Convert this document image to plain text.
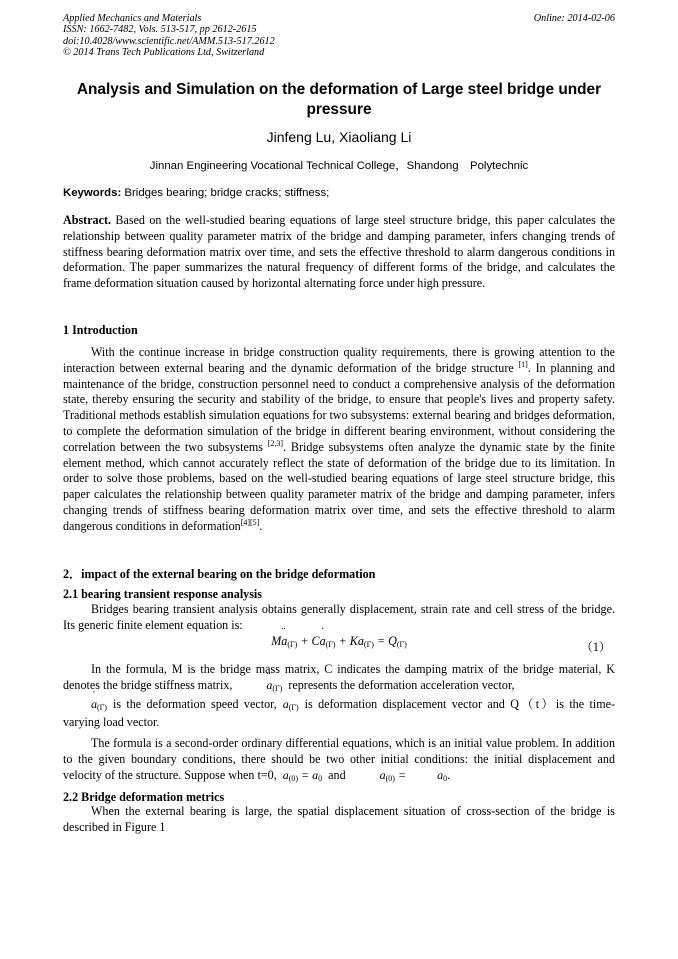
Applied Mechanics and Materials
ISSN: 1662-7482, Vols. 513-517, pp 2612-2615
doi:10.4028/www.scientific.net/AMM.513-517.2612
© 2014 Trans Tech Publications Ltd, Switzerland
Online: 2014-02-06
Analysis and Simulation on the deformation of Large steel bridge under pressure
Jinfeng Lu, Xiaoliang Li
Jinnan Engineering Vocational Technical College，Shandong　Polytechnic
Keywords: Bridges bearing; bridge cracks; stiffness;
Abstract. Based on the well-studied bearing equations of large steel structure bridge, this paper calculates the relationship between quality parameter matrix of the bridge and damping parameter, infers changing trends of stiffness bearing deformation matrix over time, and sets the effective threshold to alarm dangerous conditions in deformation. The paper summarizes the natural frequency of different forms of the bridge, and calculates the frame deformation situation caused by horizontal alternating force under high pressure.
1 Introduction
With the continue increase in bridge construction quality requirements, there is growing attention to the interaction between external bearing and the dynamic deformation of the bridge structure [1]. In planning and maintenance of the bridge, construction personnel need to conduct a comprehensive analysis of the deformation state, thereby ensuring the security and stability of the bridge, to ensure that people's lives and property safety. Traditional methods establish simulation equations for two subsystems: external bearing and bridges deformation, to complete the deformation simulation of the bridge in different bearing environment, without considering the correlation between the two subsystems [2,3]. Bridge subsystems often analyze the dynamic state by the finite element method, which cannot accurately reflect the state of deformation of the bridge due to its limitation. In order to solve those problems, based on the well-studied bearing equations of large steel structure bridge, this paper calculates the relationship between quality parameter matrix of the bridge and damping parameter, infers changing trends of stiffness bearing deformation matrix over time, and sets the effective threshold to alarm dangerous conditions in deformation[4][5].
2．impact of the external bearing on the bridge deformation
2.1 bearing transient response analysis
Bridges bearing transient analysis obtains generally displacement, strain rate and cell stress of the bridge. Its generic finite element equation is:
M¨ $a_{(\Gamma)}$ + C˙ $a_{(\Gamma)} + Ka_{(\Gamma)} = Q_{(\Gamma)}$	（1）
In the formula, M is the bridge mass matrix, C indicates the damping matrix of the bridge material, K denotes the bridge stiffness matrix,	¨ $a_{(\Gamma)}$ represents the deformation acceleration vector,
˙ $a_{(\Gamma)}$ is the deformation speed vector, $a_{(\Gamma)}$ is deformation displacement vector and Q（t）is the time-varying load vector.
The formula is a second-order ordinary differential equations, which is an initial value problem. In addition to the given boundary conditions, there should be two other initial conditions: the initial displacement and velocity of the structure. Suppose when t=0, $a_{(0)} = a_0$ and	˙ $a_{(0)}$ = ˙ $a_0$.
2.2 Bridge deformation metrics
When the external bearing is large, the spatial displacement situation of cross-section of the bridge is described in Figure 1
